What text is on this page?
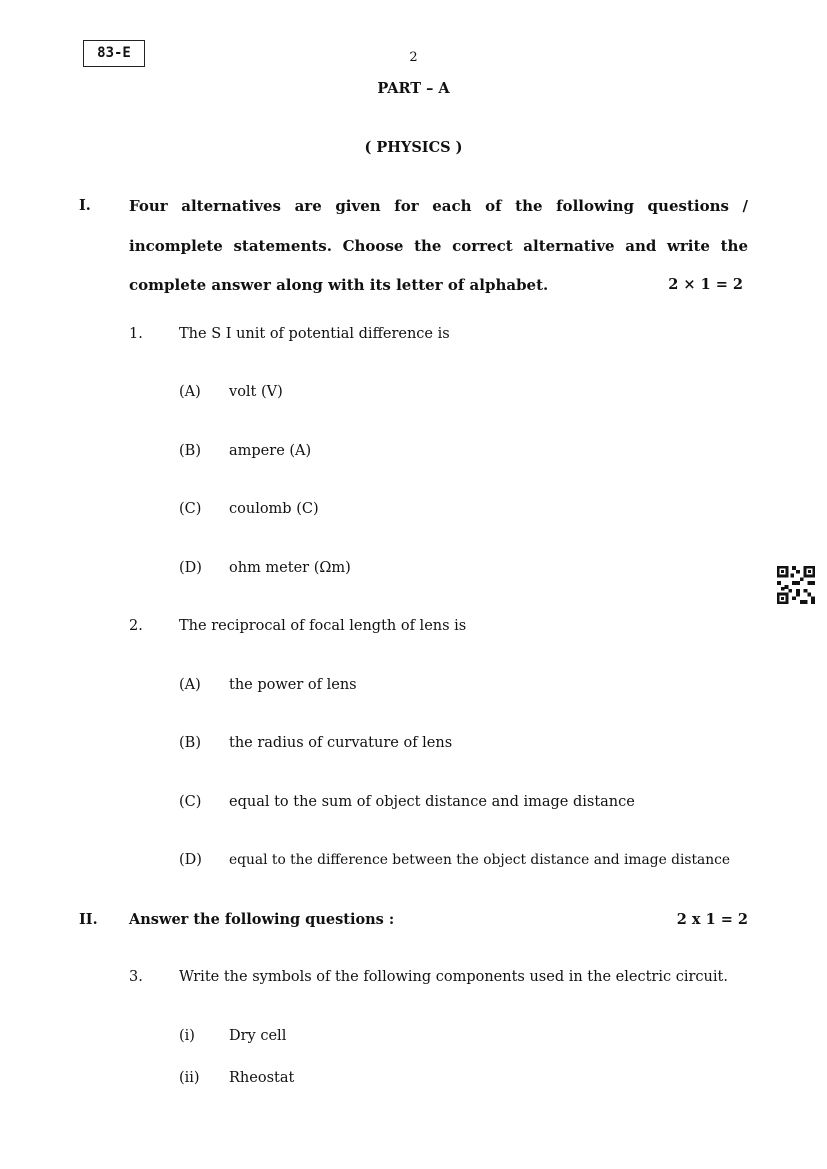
83-E	2
PART – A
( PHYSICS )
I.	Four alternatives are given for each of the following questions / incomplete statements. Choose the correct alternative and write the complete answer along with its letter of alphabet.	2 × 1 = 2
1. The S I unit of potential difference is
(A) volt (V)
(B) ampere (A)
(C) coulomb (C)
(D) ohm meter (Ωm)
2. The reciprocal of focal length of lens is
(A) the power of lens
(B) the radius of curvature of lens
(C) equal to the sum of object distance and image distance
(D) equal to the difference between the object distance and image distance
II. Answer the following questions :	2 x 1 = 2
3. Write the symbols of the following components used in the electric circuit.
(i) Dry cell
(ii) Rheostat
